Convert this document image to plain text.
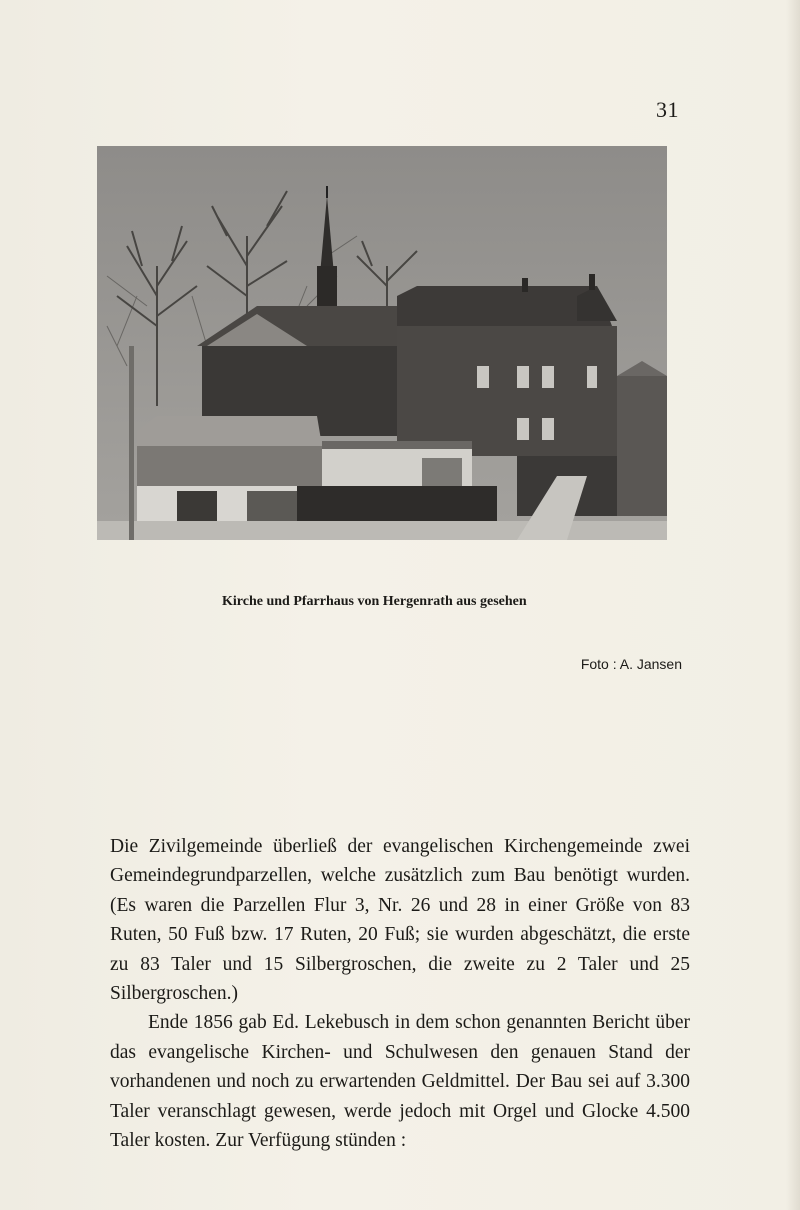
31
Kirche und Pfarrhaus von Hergenrath aus gesehen
Foto : A. Jansen

Die Zivilgemeinde überließ der evangelischen Kirchengemeinde zwei Gemeindegrundparzellen, welche zusätzlich zum Bau benötigt wurden. (Es waren die Parzellen Flur 3, Nr. 26 und 28 in einer Größe von 83 Ruten, 50 Fuß bzw. 17 Ruten, 20 Fuß; sie wurden abgeschätzt, die erste zu 83 Taler und 15 Silbergroschen, die zweite zu 2 Taler und 25 Silbergroschen.)

Ende 1856 gab Ed. Lekebusch in dem schon genannten Bericht über das evangelische Kirchen- und Schulwesen den genauen Stand der vorhandenen und noch zu erwartenden Geldmittel. Der Bau sei auf 3.300 Taler veranschlagt gewesen, werde jedoch mit Orgel und Glocke 4.500 Taler kosten. Zur Verfügung stünden :
